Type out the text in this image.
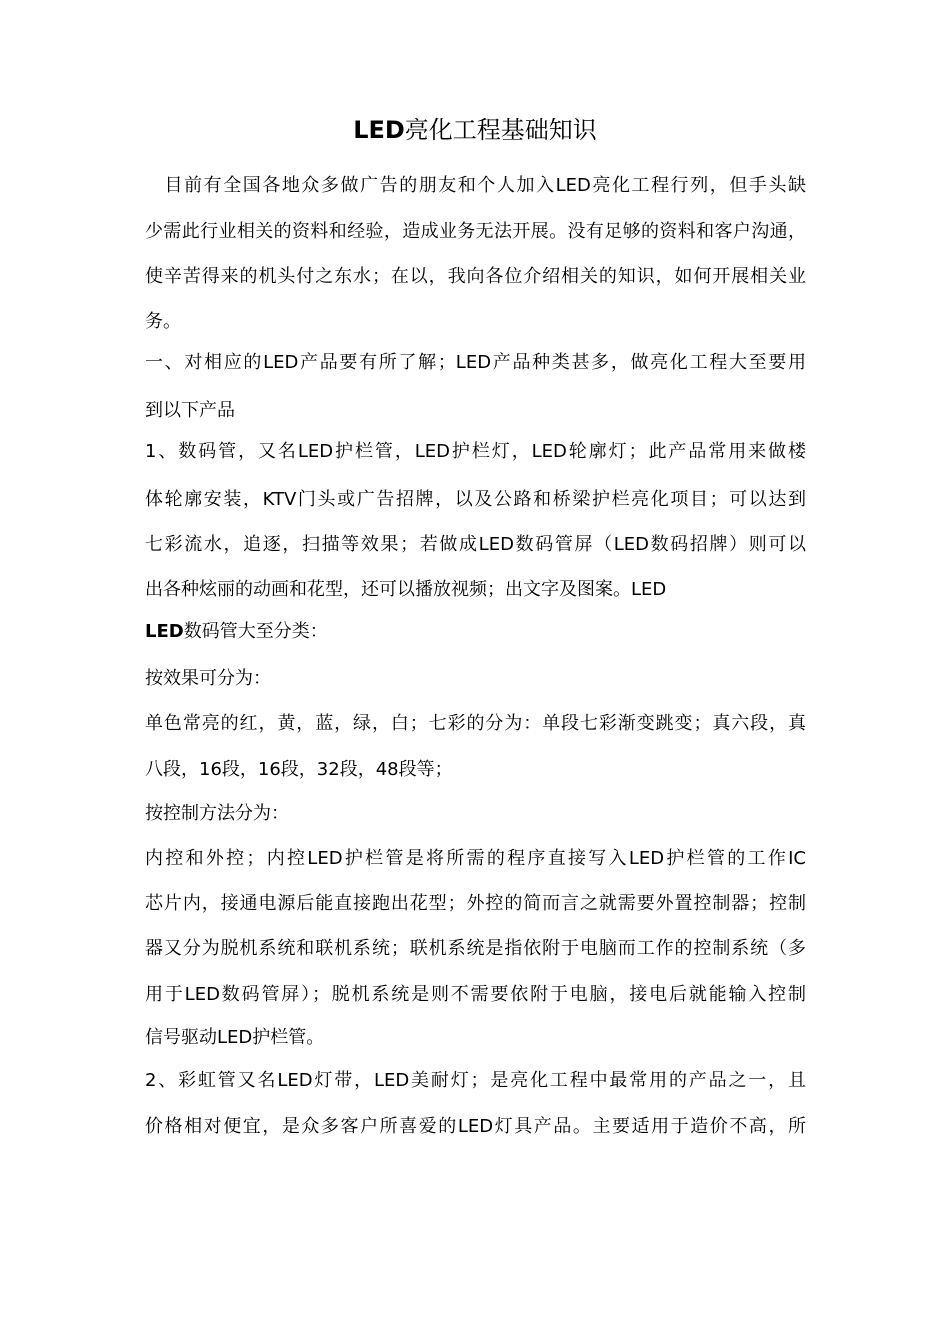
LED亮化工程基础知识
　目前有全国各地众多做广告的朋友和个人加入LED亮化工程行列，但手头缺
少需此行业相关的资料和经验，造成业务无法开展。没有足够的资料和客户沟通，
使辛苦得来的机头付之东水；在以，我向各位介绍相关的知识，如何开展相关业
务。
一、对相应的LED产品要有所了解；LED产品种类甚多，做亮化工程大至要用
到以下产品
1、数码管，又名LED护栏管，LED护栏灯，LED轮廓灯；此产品常用来做楼
体轮廓安装，KTV门头或广告招牌，以及公路和桥梁护栏亮化项目；可以达到
七彩流水，追逐，扫描等效果；若做成LED数码管屏（LED数码招牌）则可以
出各种炫丽的动画和花型，还可以播放视频；出文字及图案。LED
LED数码管大至分类：
按效果可分为：
单色常亮的红，黄，蓝，绿，白；七彩的分为：单段七彩渐变跳变；真六段，真
八段，16段，16段，32段，48段等；
按控制方法分为：
内控和外控；内控LED护栏管是将所需的程序直接写入LED护栏管的工作IC
芯片内，接通电源后能直接跑出花型；外控的简而言之就需要外置控制器；控制
器又分为脱机系统和联机系统；联机系统是指依附于电脑而工作的控制系统（多
用于LED数码管屏）；脱机系统是则不需要依附于电脑，接电后就能输入控制
信号驱动LED护栏管。
2、彩虹管又名LED灯带，LED美耐灯；是亮化工程中最常用的产品之一，且
价格相对便宜，是众多客户所喜爱的LED灯具产品。主要适用于造价不高，所
